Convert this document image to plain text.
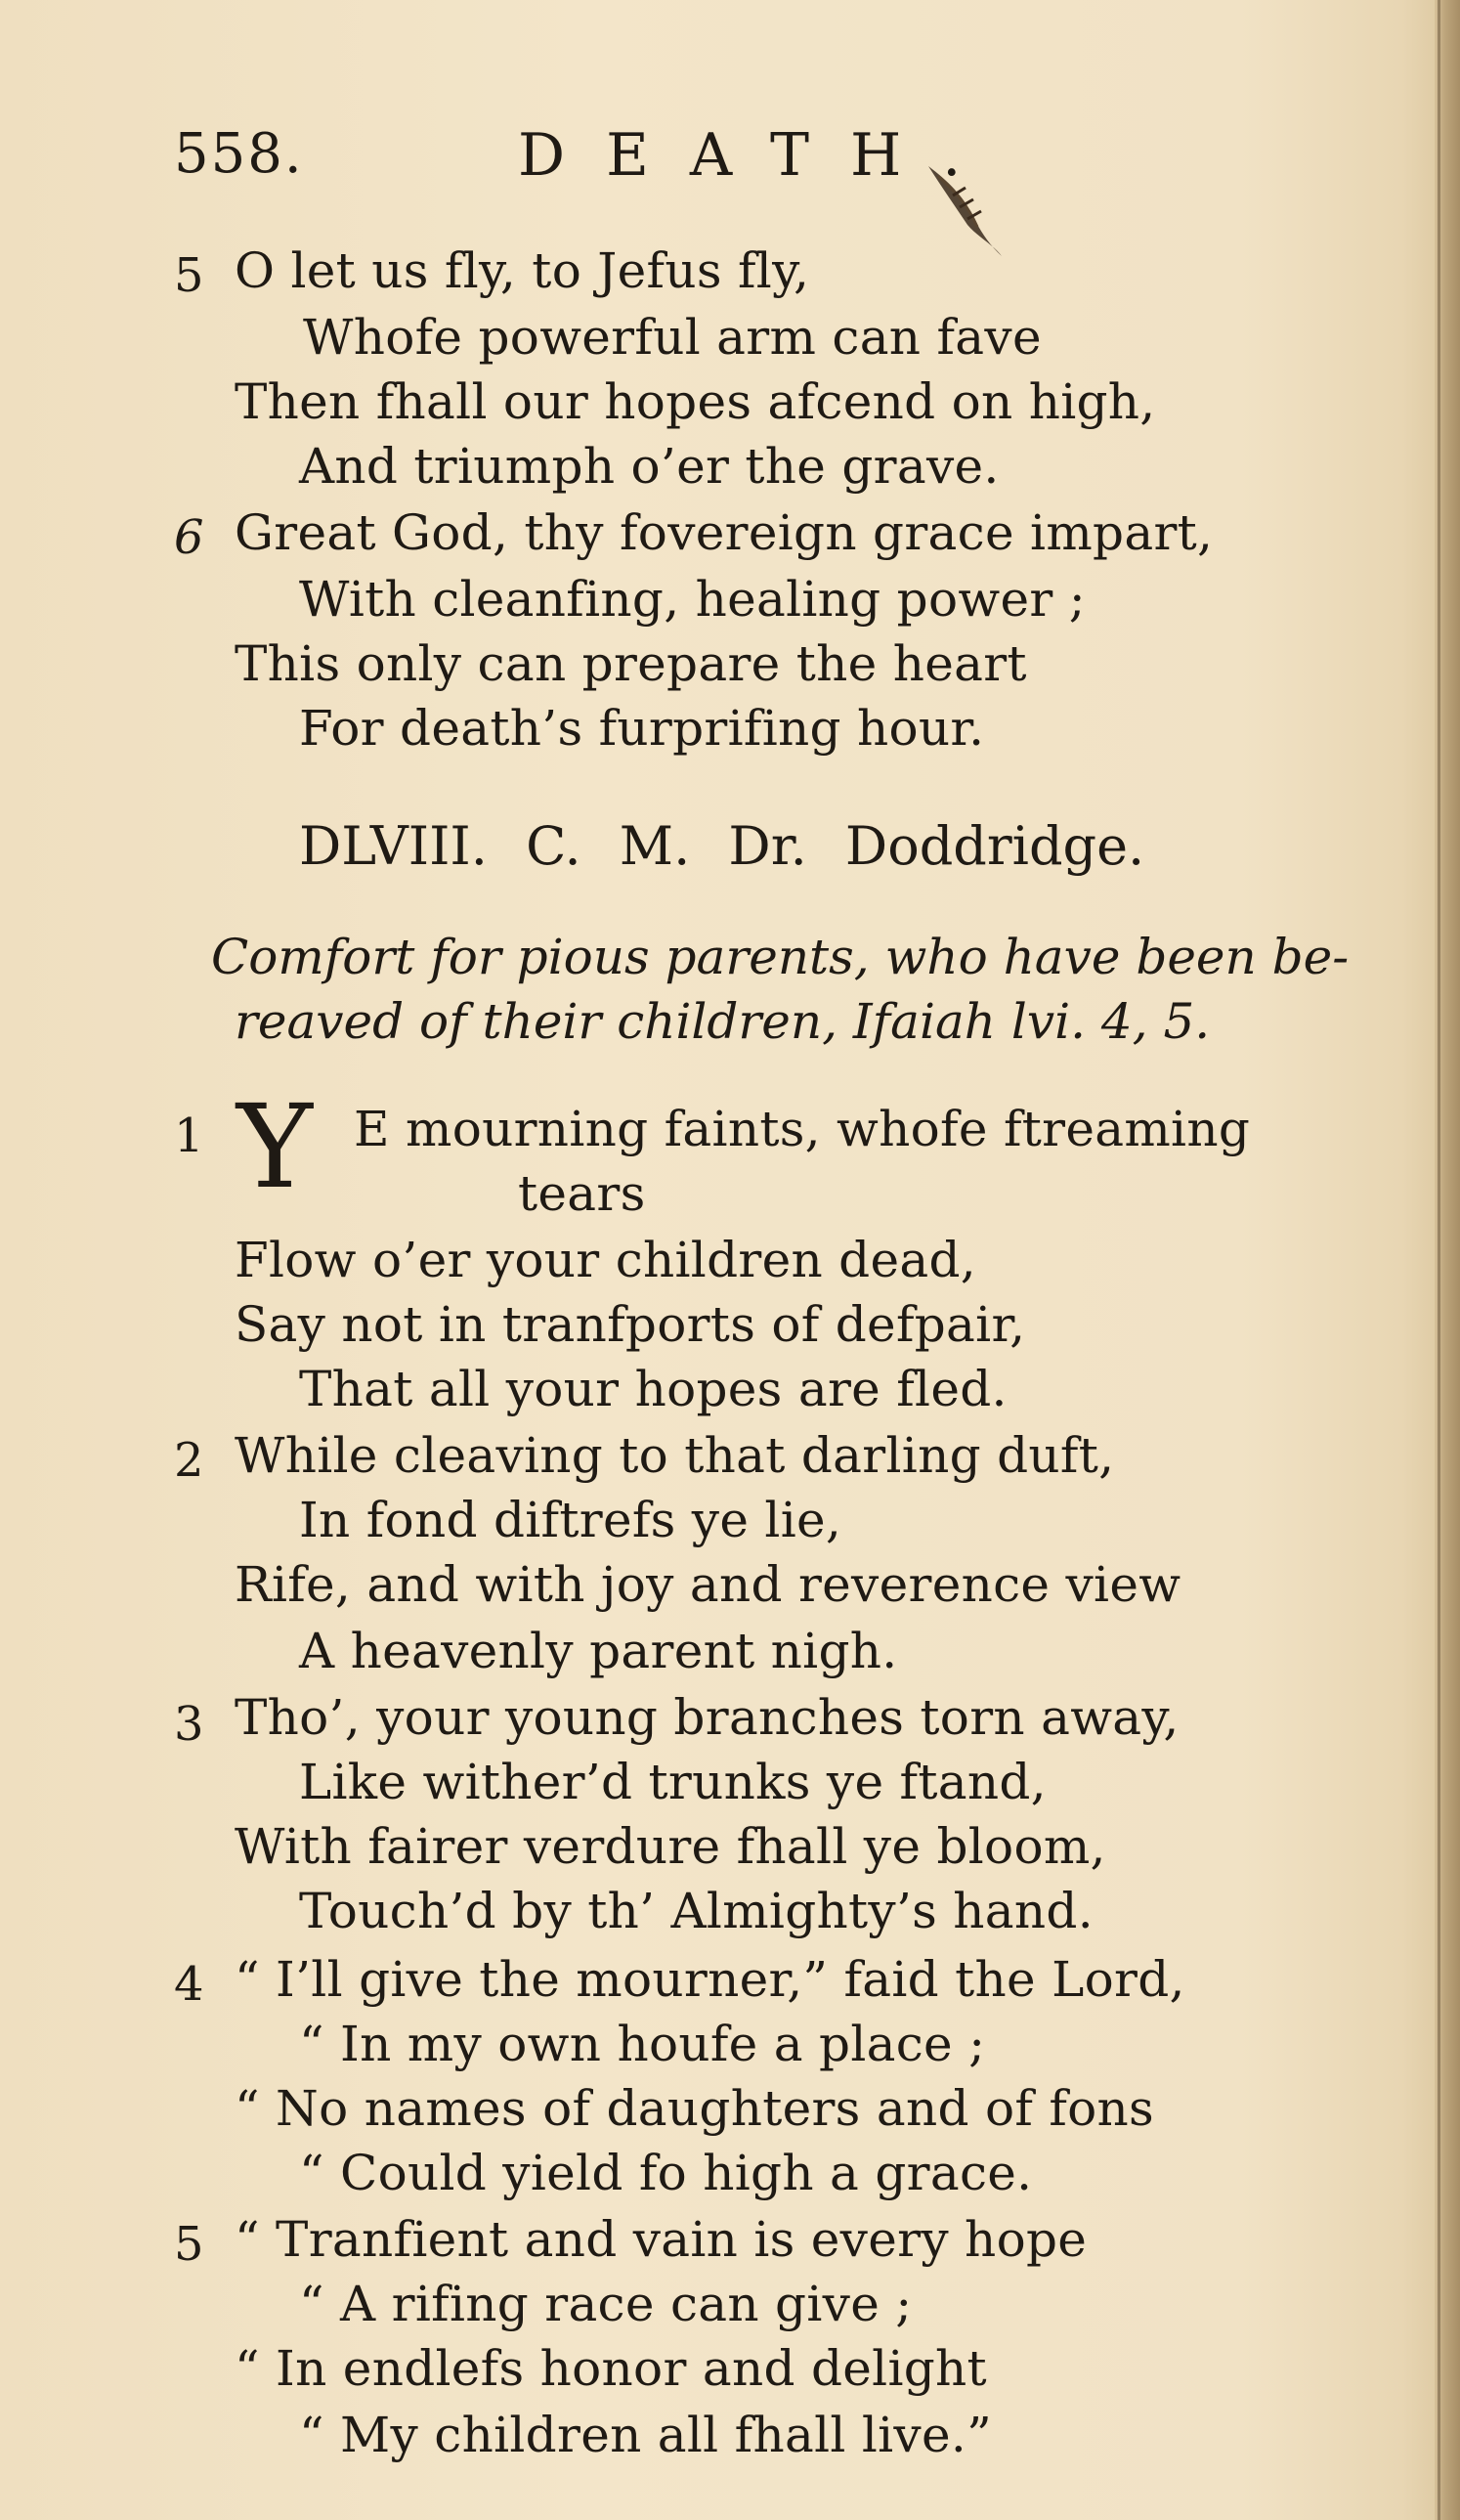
558.	DEATH.
5 O let us fly, to Jefus fly,
Whofe powerful arm can fave
Then fhall our hopes afcend on high,
And triumph o’er the grave.
6 Great God, thy fovereign grace impart,
With cleanfing, healing power ;
This only can prepare the heart
For death’s furprifing hour.
DLVIII. C. M. Dr. Doddridge.
Comfort for pious parents, who have been be-
reaved of their children, Ifaiah lvi. 4, 5.
1 Y E mourning faints, whofe ftreaming
tears
Flow o’er your children dead,
Say not in tranfports of defpair,
That all your hopes are fled.
2 While cleaving to that darling duft,
In fond diftrefs ye lie,
Rife, and with joy and reverence view
A heavenly parent nigh.
3 Tho’, your young branches torn away,
Like wither’d trunks ye ftand,
With fairer verdure fhall ye bloom,
Touch’d by th’ Almighty’s hand.
4 “ I’ll give the mourner,” faid the Lord,
“ In my own houfe a place ;
“ No names of daughters and of fons
“ Could yield fo high a grace.
5 “ Tranfient and vain is every hope
“ A rifing race can give ;
“ In endlefs honor and delight
“ My children all fhall live.”
